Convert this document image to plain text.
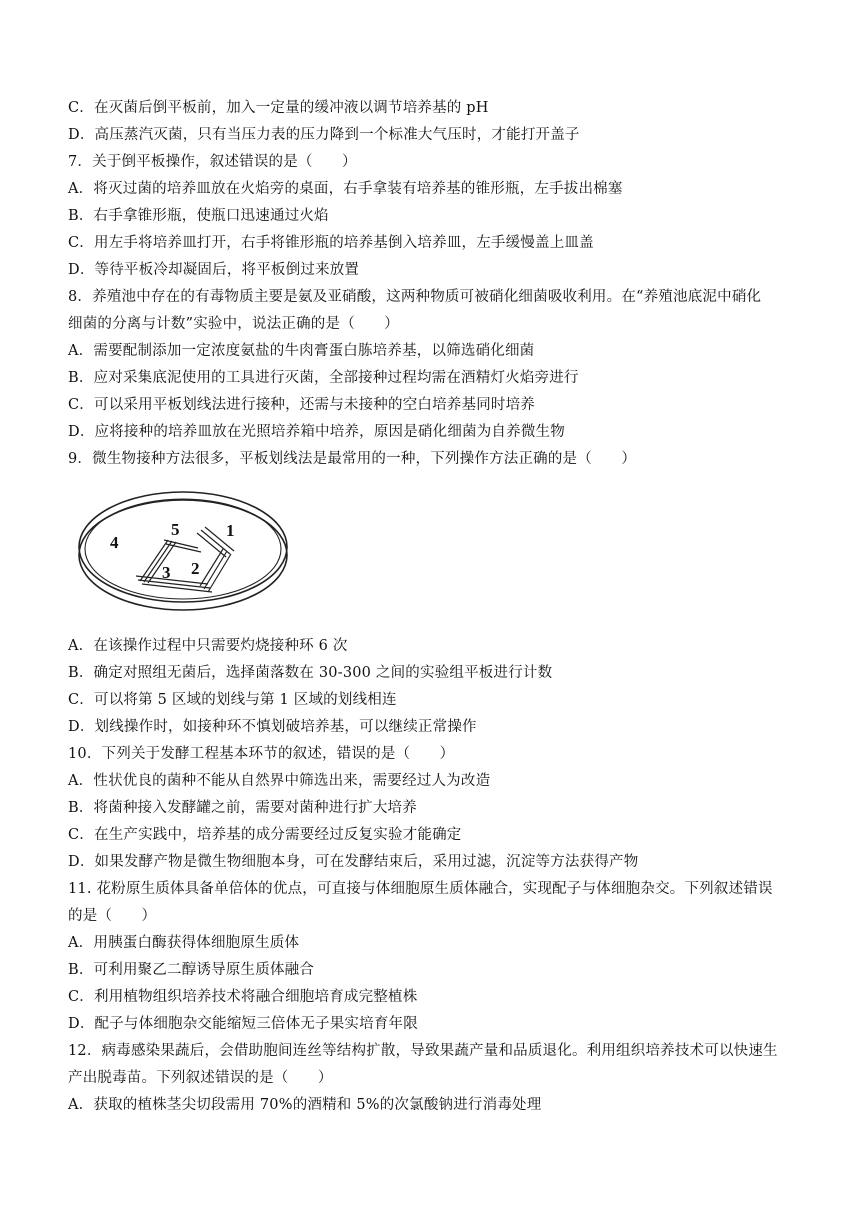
C．在灭菌后倒平板前，加入一定量的缓冲液以调节培养基的 pH
D．高压蒸汽灭菌，只有当压力表的压力降到一个标准大气压时，才能打开盖子
7．关于倒平板操作，叙述错误的是（　　）
A．将灭过菌的培养皿放在火焰旁的桌面，右手拿装有培养基的锥形瓶，左手拔出棉塞
B．右手拿锥形瓶，使瓶口迅速通过火焰
C．用左手将培养皿打开，右手将锥形瓶的培养基倒入培养皿，左手缓慢盖上皿盖
D．等待平板冷却凝固后，将平板倒过来放置
8．养殖池中存在的有毒物质主要是氨及亚硝酸，这两种物质可被硝化细菌吸收利用。在“养殖池底泥中硝化
细菌的分离与计数”实验中，说法正确的是（　　）
A．需要配制添加一定浓度氨盐的牛肉膏蛋白胨培养基，以筛选硝化细菌
B．应对采集底泥使用的工具进行灭菌，全部接种过程均需在酒精灯火焰旁进行
C．可以采用平板划线法进行接种，还需与未接种的空白培养基同时培养
D．应将接种的培养皿放在光照培养箱中培养，原因是硝化细菌为自养微生物
9．微生物接种方法很多，平板划线法是最常用的一种，下列操作方法正确的是（　　）
1
2
3
4
5
A．在该操作过程中只需要灼烧接种环 6 次
B．确定对照组无菌后，选择菌落数在 30-300 之间的实验组平板进行计数
C．可以将第 5 区域的划线与第 1 区域的划线相连
D．划线操作时，如接种环不慎划破培养基，可以继续正常操作
10．下列关于发酵工程基本环节的叙述，错误的是（　　）
A．性状优良的菌种不能从自然界中筛选出来，需要经过人为改造
B．将菌种接入发酵罐之前，需要对菌种进行扩大培养
C．在生产实践中，培养基的成分需要经过反复实验才能确定
D．如果发酵产物是微生物细胞本身，可在发酵结束后，采用过滤，沉淀等方法获得产物
11. 花粉原生质体具备单倍体的优点，可直接与体细胞原生质体融合，实现配子与体细胞杂交。下列叙述错误
的是（　　）
A．用胰蛋白酶获得体细胞原生质体
B．可利用聚乙二醇诱导原生质体融合
C．利用植物组织培养技术将融合细胞培育成完整植株
D．配子与体细胞杂交能缩短三倍体无子果实培育年限
12．病毒感染果蔬后，会借助胞间连丝等结构扩散，导致果蔬产量和品质退化。利用组织培养技术可以快速生
产出脱毒苗。下列叙述错误的是（　　）
A．获取的植株茎尖切段需用 70%的酒精和 5%的次氯酸钠进行消毒处理
